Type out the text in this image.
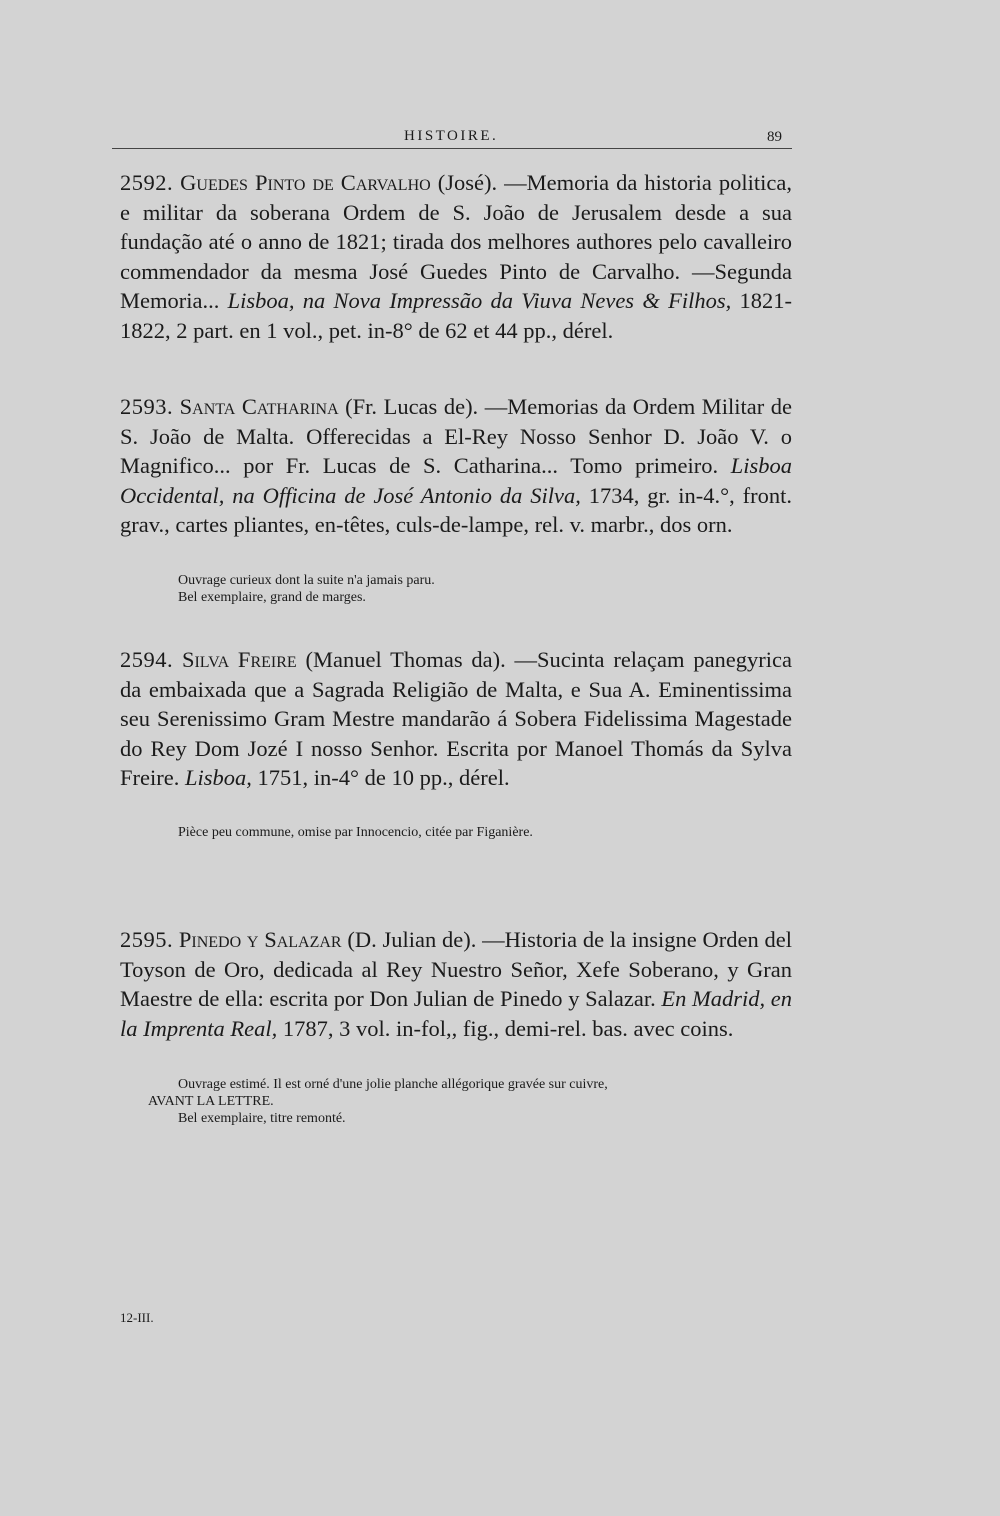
HISTOIRE.	89
2592. Guedes Pinto de Carvalho (José). —Memoria da historia politica, e militar da soberana Ordem de S. João de Jerusalem desde a sua fundação até o anno de 1821; tirada dos melhores authores pelo cavalleiro commendador da mesma José Guedes Pinto de Carvalho. —Segunda Memoria... Lisboa, na Nova Impressão da Viuva Neves & Filhos, 1821-1822, 2 part. en 1 vol., pet. in-8° de 62 et 44 pp., dérel.
2593. Santa Catharina (Fr. Lucas de). —Memorias da Ordem Militar de S. João de Malta. Offerecidas a El-Rey Nosso Senhor D. João V. o Magnifico... por Fr. Lucas de S. Catharina... Tomo primeiro. Lisboa Occidental, na Officina de José Antonio da Silva, 1734, gr. in-4.°, front. grav., cartes pliantes, en-têtes, culs-de-lampe, rel. v. marbr., dos orn.
Ouvrage curieux dont la suite n'a jamais paru.
Bel exemplaire, grand de marges.
2594. Silva Freire (Manuel Thomas da). —Sucinta relaçam panegyrica da embaixada que a Sagrada Religião de Malta, e Sua A. Eminentissima seu Serenissimo Gram Mestre mandarão á Sobera Fidelissima Magestade do Rey Dom Jozé I nosso Senhor. Escrita por Manoel Thomás da Sylva Freire. Lisboa, 1751, in-4° de 10 pp., dérel.
Pièce peu commune, omise par Innocencio, citée par Figanière.
2595. Pinedo y Salazar (D. Julian de). —Historia de la insigne Orden del Toyson de Oro, dedicada al Rey Nuestro Señor, Xefe Soberano, y Gran Maestre de ella: escrita por Don Julian de Pinedo y Salazar. En Madrid, en la Imprenta Real, 1787, 3 vol. in-fol,, fig., demi-rel. bas. avec coins.
Ouvrage estimé. Il est orné d'une jolie planche allégorique gravée sur cuivre,
AVANT LA LETTRE.
Bel exemplaire, titre remonté.
12-III.
